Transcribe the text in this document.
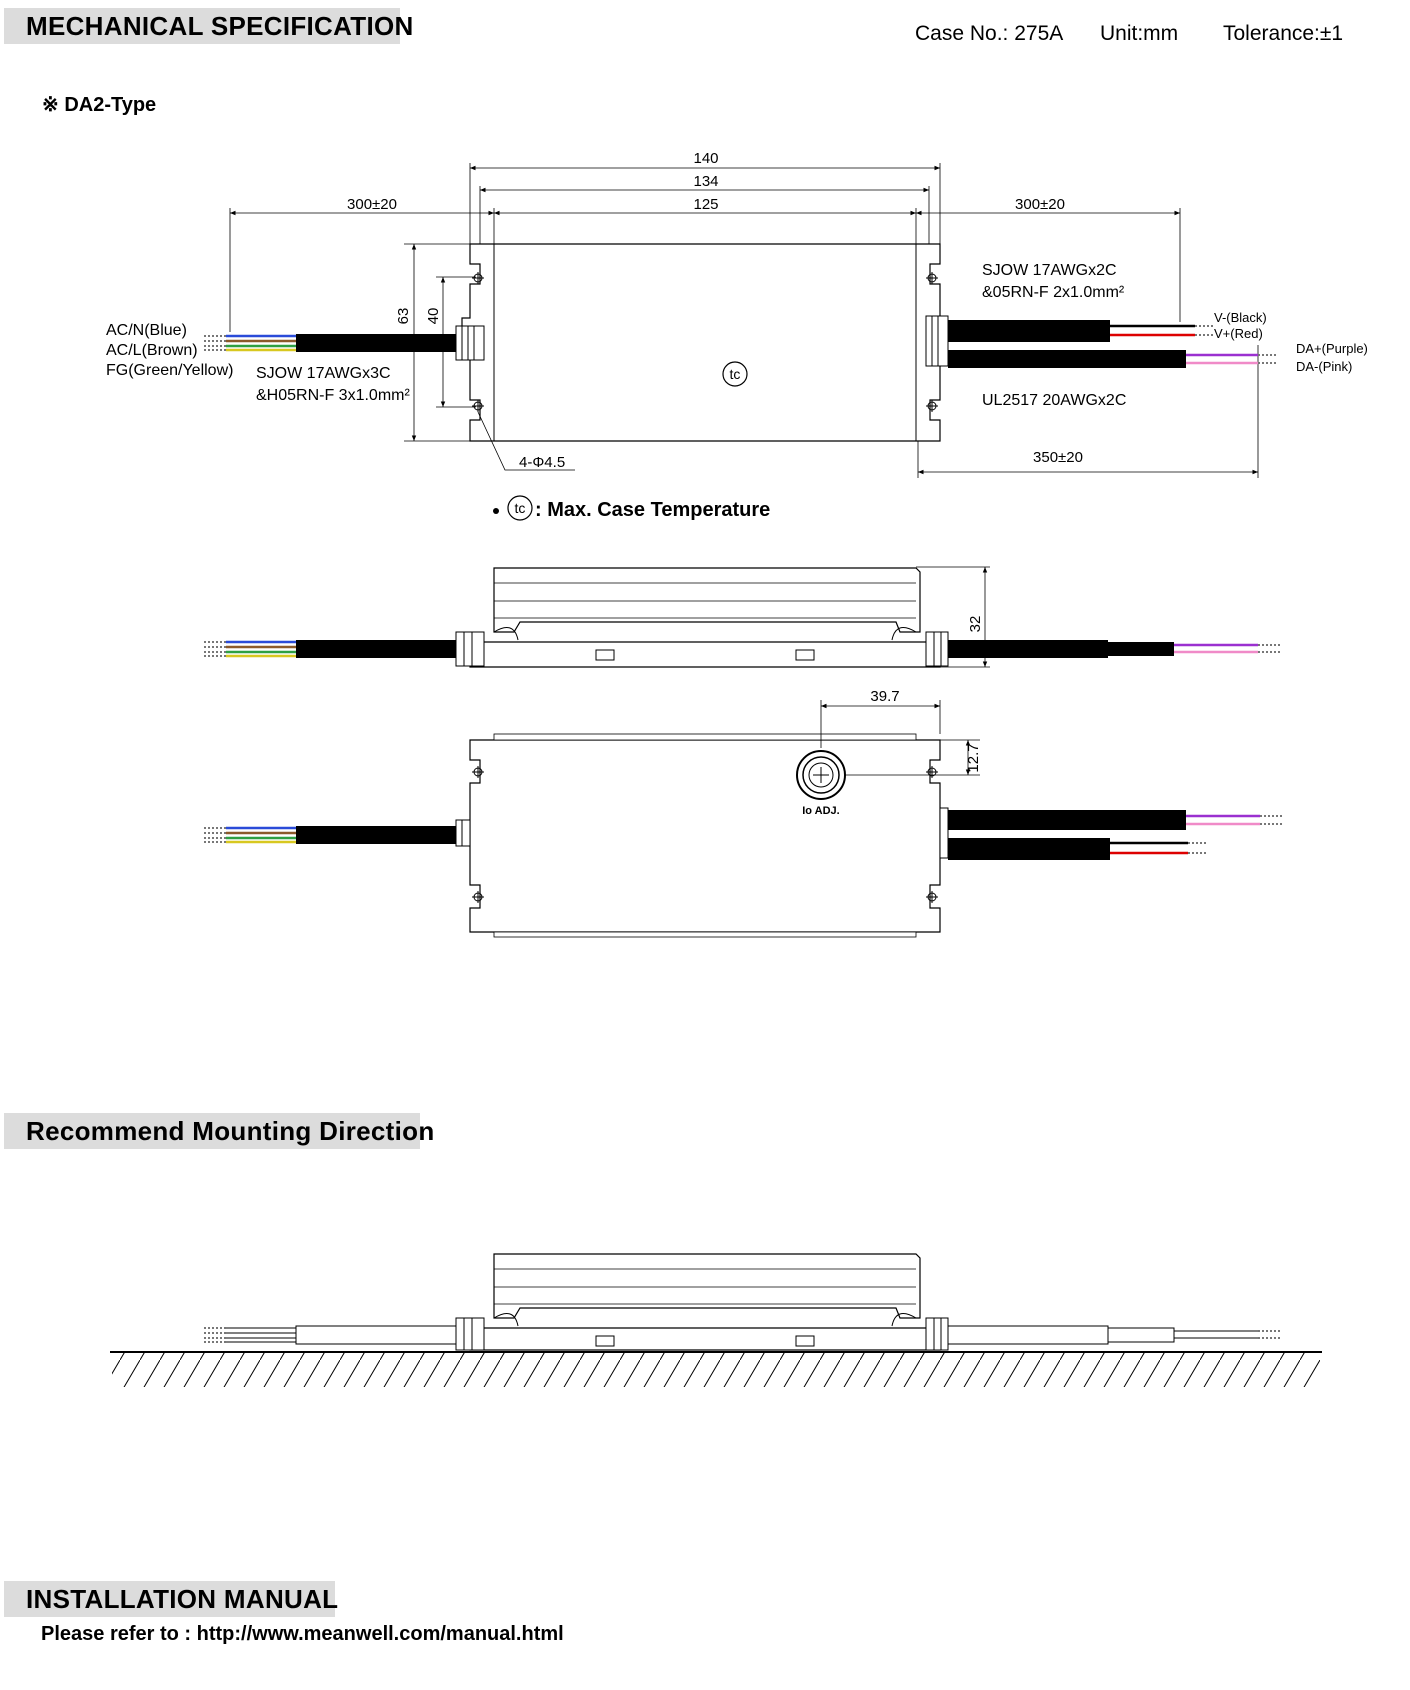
MECHANICAL SPECIFICATION	Case No.: 275A Unit:mm Tolerance:±1
※ DA2-Type
Recommend Mounting Direction
INSTALLATION MANUAL
Please refer to : http://www.meanwell.com/manual.html
140
134
125
300±20	300±20
350±20
63 40
tc
4-Φ4.5
AC/N(Blue)
AC/L(Brown)
FG(Green/Yellow) SJOW 17AWGx3C
&H05RN-F 3x1.0mm²
SJOW 17AWGx2C
&05RN-F 2x1.0mm²
UL2517 20AWGx2C
V-(Black)
V+(Red)
DA+(Purple)
DA-(Pink)
tc : Max. Case Temperature
32
Io ADJ.
39.7
12.7
